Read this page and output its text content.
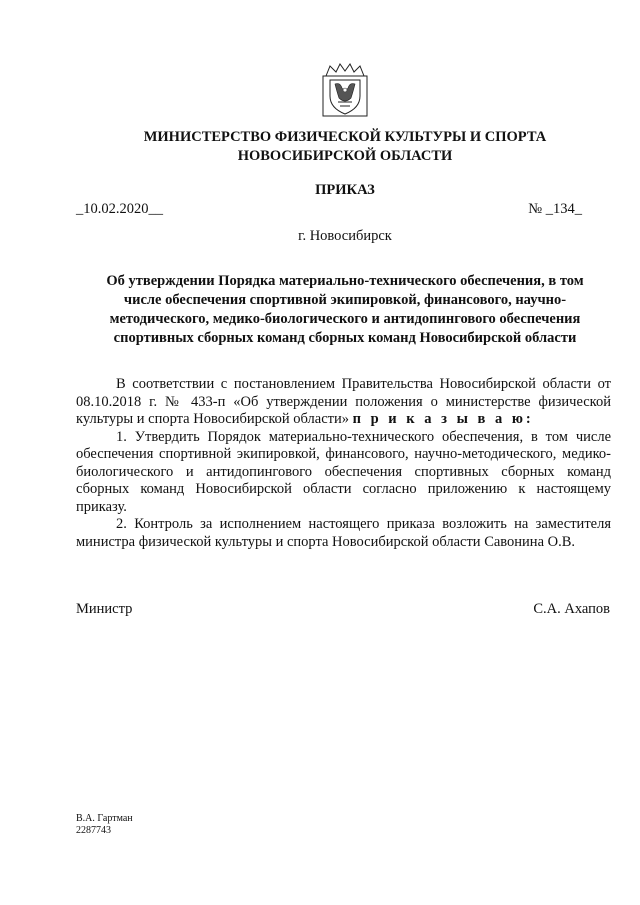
МИНИСТЕРСТВО ФИЗИЧЕСКОЙ КУЛЬТУРЫ И СПОРТА
НОВОСИБИРСКОЙ ОБЛАСТИ
ПРИКАЗ
_10.02.2020__	№ _134_
г. Новосибирск
Об утверждении Порядка материально-технического обеспечения, в том
числе обеспечения спортивной экипировкой, финансового, научно-
методического, медико-биологического и антидопингового обеспечения
спортивных сборных команд сборных команд Новосибирской области

В соответствии с постановлением Правительства Новосибирской области от 08.10.2018 г. № 433-п «Об утверждении положения о министерстве физической культуры и спорта Новосибирской области» п р и к а з ы в а ю:

1. Утвердить Порядок материально-технического обеспечения, в том числе обеспечения спортивной экипировкой, финансового, научно-методического, медико-биологического и антидопингового обеспечения спортивных сборных команд сборных команд Новосибирской области согласно приложению к настоящему приказу.

2. Контроль за исполнением настоящего приказа возложить на заместителя министра физической культуры и спорта Новосибирской области Савонина О.В.

Министр	С.А. Ахапов
В.А. Гартман
2287743
